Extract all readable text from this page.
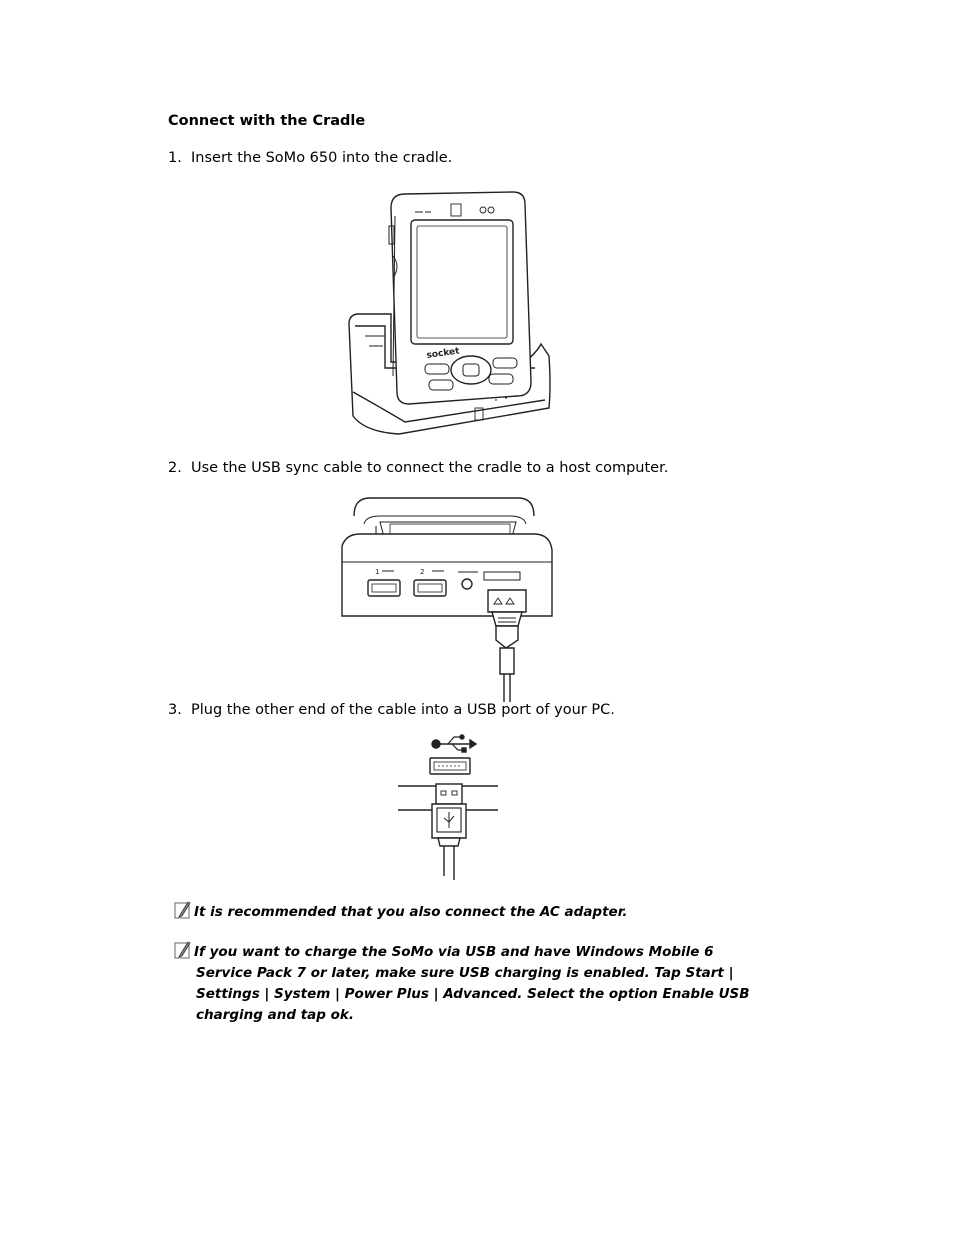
Connect with the Cradle
1. Insert the SoMo 650 into the cradle.
socket
2. Use the USB sync cable to connect the cradle to a host computer.
1	2
3. Plug the other end of the cable into a USB port of your PC.
It is recommended that you also connect the AC adapter.
If you want to charge the SoMo via USB and have Windows Mobile 6
Service Pack 7 or later, make sure USB charging is enabled. Tap Start |
Settings | System | Power Plus | Advanced. Select the option Enable USB
charging and tap ok.
